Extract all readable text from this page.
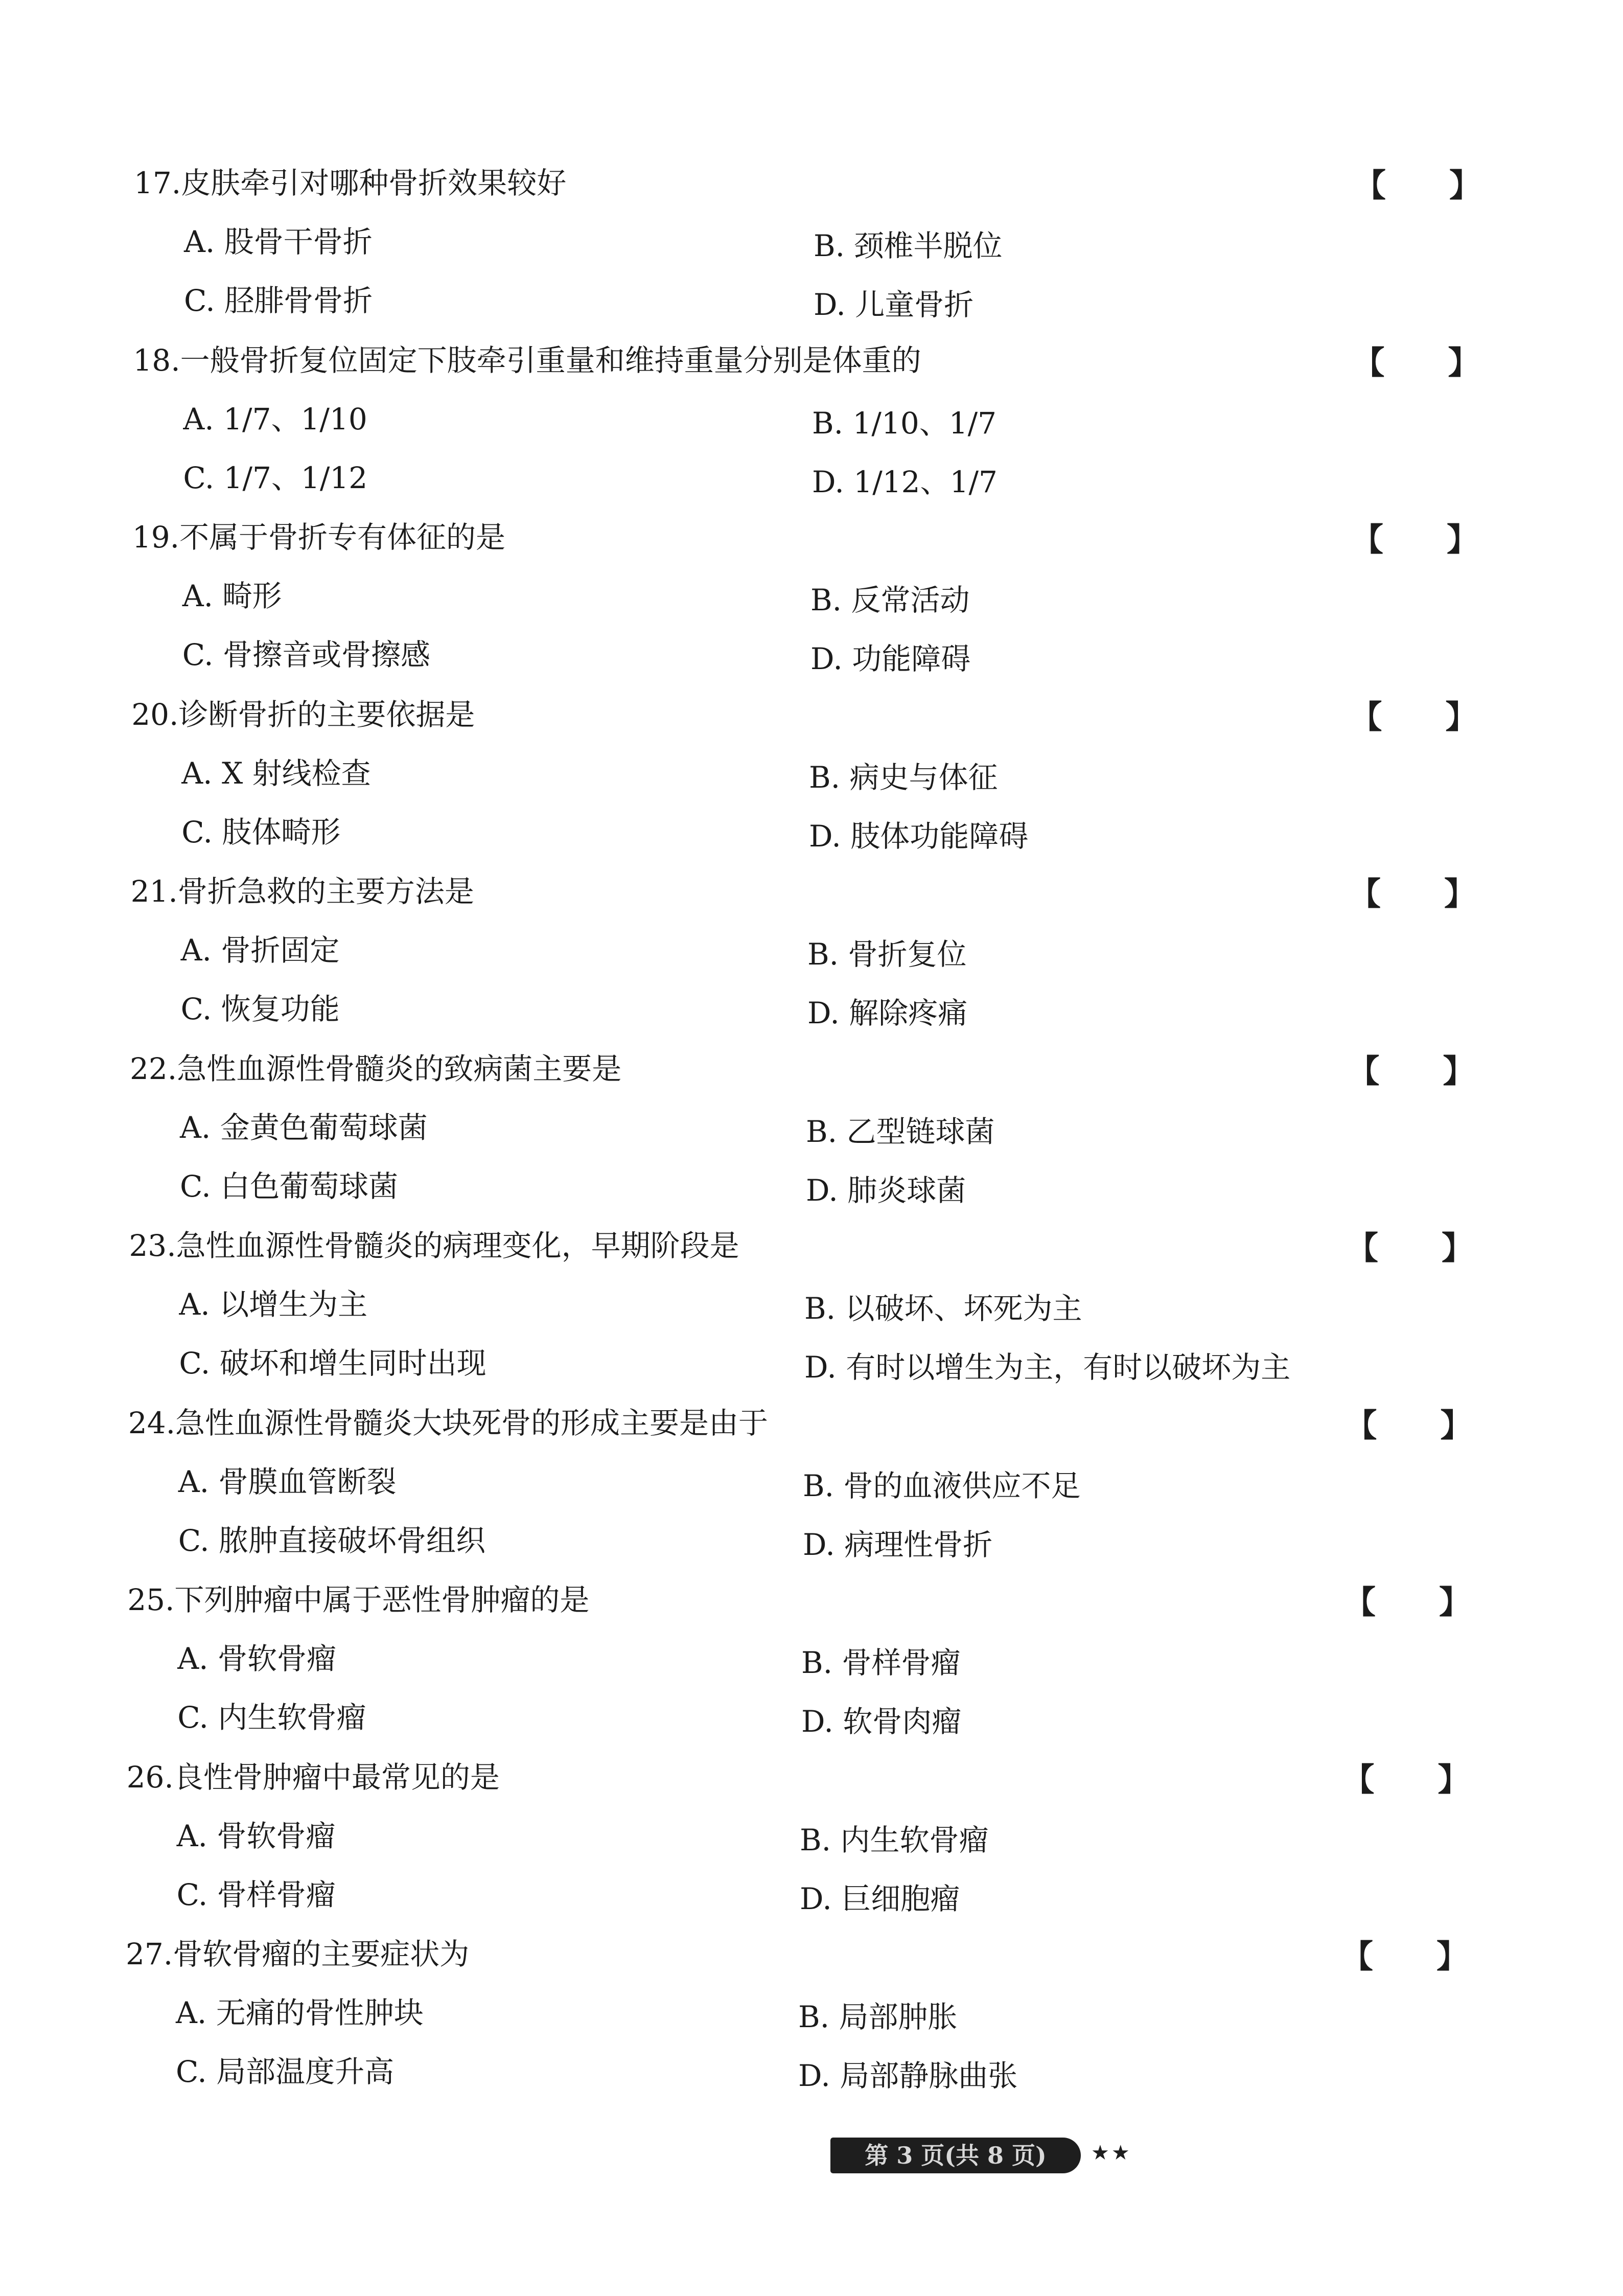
17.皮肤牵引对哪种骨折效果较好	【　　】
A. 股骨干骨折	B. 颈椎半脱位
C. 胫腓骨骨折	D. 儿童骨折
18.一般骨折复位固定下肢牵引重量和维持重量分别是体重的	【　　】
A. 1/7、1/10	B. 1/10、1/7
C. 1/7、1/12	D. 1/12、1/7
19.不属于骨折专有体征的是	【　　】
A. 畸形	B. 反常活动
C. 骨擦音或骨擦感	D. 功能障碍
20.诊断骨折的主要依据是	【　　】
A. X 射线检查	B. 病史与体征
C. 肢体畸形	D. 肢体功能障碍
21.骨折急救的主要方法是	【　　】
A. 骨折固定	B. 骨折复位
C. 恢复功能	D. 解除疼痛
22.急性血源性骨髓炎的致病菌主要是	【　　】
A. 金黄色葡萄球菌	B. 乙型链球菌
C. 白色葡萄球菌	D. 肺炎球菌
23.急性血源性骨髓炎的病理变化，早期阶段是	【　　】
A. 以增生为主	B. 以破坏、坏死为主
C. 破坏和增生同时出现	D. 有时以增生为主，有时以破坏为主
24.急性血源性骨髓炎大块死骨的形成主要是由于	【　　】
A. 骨膜血管断裂	B. 骨的血液供应不足
C. 脓肿直接破坏骨组织	D. 病理性骨折
25.下列肿瘤中属于恶性骨肿瘤的是	【　　】
A. 骨软骨瘤	B. 骨样骨瘤
C. 内生软骨瘤	D. 软骨肉瘤
26.良性骨肿瘤中最常见的是	【　　】
A. 骨软骨瘤	B. 内生软骨瘤
C. 骨样骨瘤	D. 巨细胞瘤
27.骨软骨瘤的主要症状为	【　　】
A. 无痛的骨性肿块	B. 局部肿胀
C. 局部温度升高	D. 局部静脉曲张
第 3 页(共 8 页)	★★
